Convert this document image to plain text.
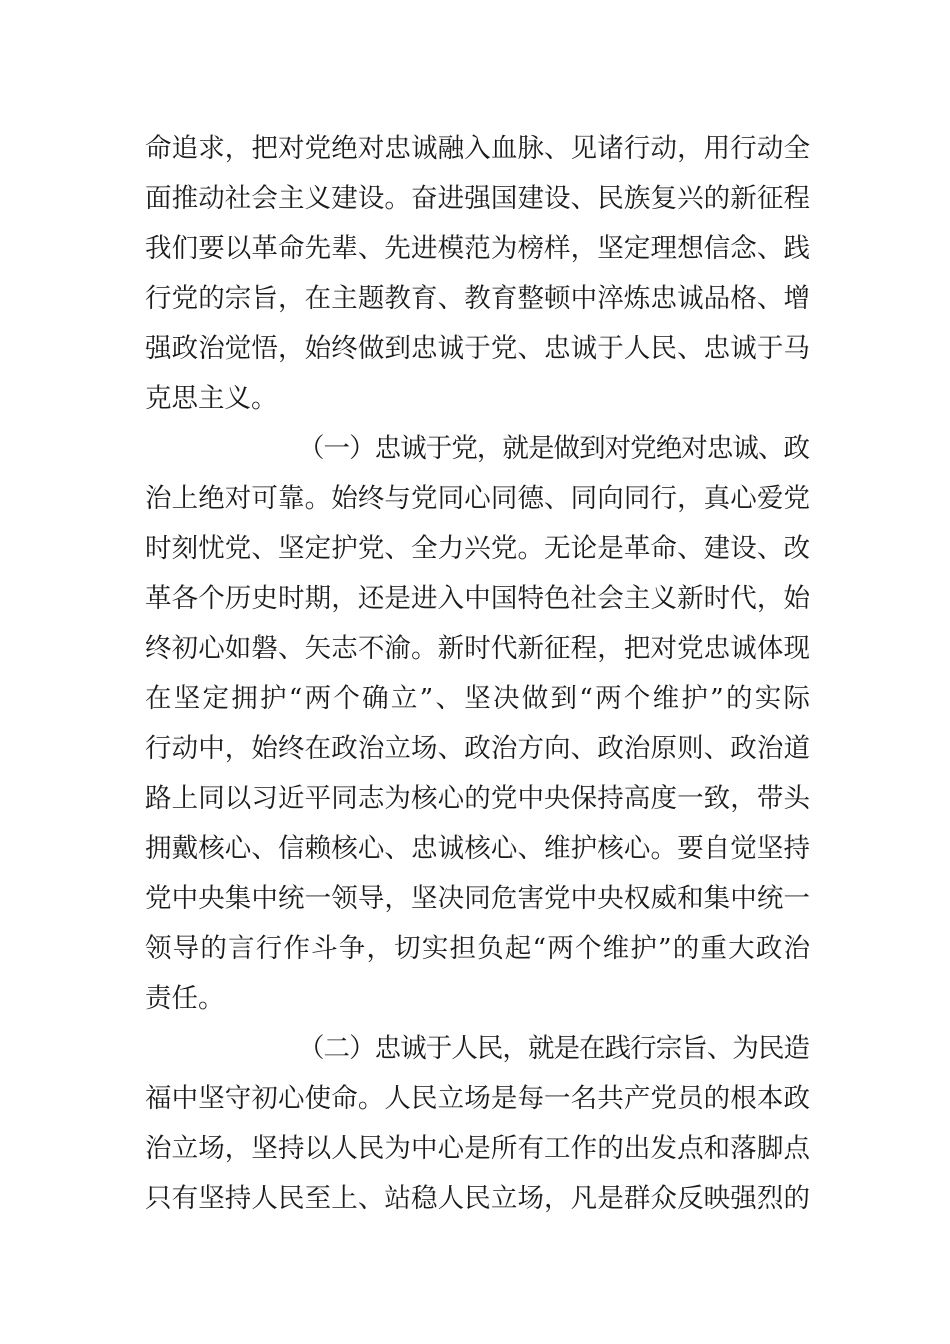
命追求，把对党绝对忠诚融入血脉、见诸行动，用行动全
面推动社会主义建设。奋进强国建设、民族复兴的新征程
我们要以革命先辈、先进模范为榜样，坚定理想信念、践
行党的宗旨，在主题教育、教育整顿中淬炼忠诚品格、增
强政治觉悟，始终做到忠诚于党、忠诚于人民、忠诚于马
克思主义。
（一）忠诚于党，就是做到对党绝对忠诚、政
治上绝对可靠。始终与党同心同德、同向同行，真心爱党
时刻忧党、坚定护党、全力兴党。无论是革命、建设、改
革各个历史时期，还是进入中国特色社会主义新时代，始
终初心如磐、矢志不渝。新时代新征程，把对党忠诚体现
在坚定拥护“两个确立”、坚决做到“两个维护”的实际
行动中，始终在政治立场、政治方向、政治原则、政治道
路上同以习近平同志为核心的党中央保持高度一致，带头
拥戴核心、信赖核心、忠诚核心、维护核心。要自觉坚持
党中央集中统一领导，坚决同危害党中央权威和集中统一
领导的言行作斗争，切实担负起“两个维护”的重大政治
责任。
（二）忠诚于人民，就是在践行宗旨、为民造
福中坚守初心使命。人民立场是每一名共产党员的根本政
治立场，坚持以人民为中心是所有工作的出发点和落脚点
只有坚持人民至上、站稳人民立场，凡是群众反映强烈的
